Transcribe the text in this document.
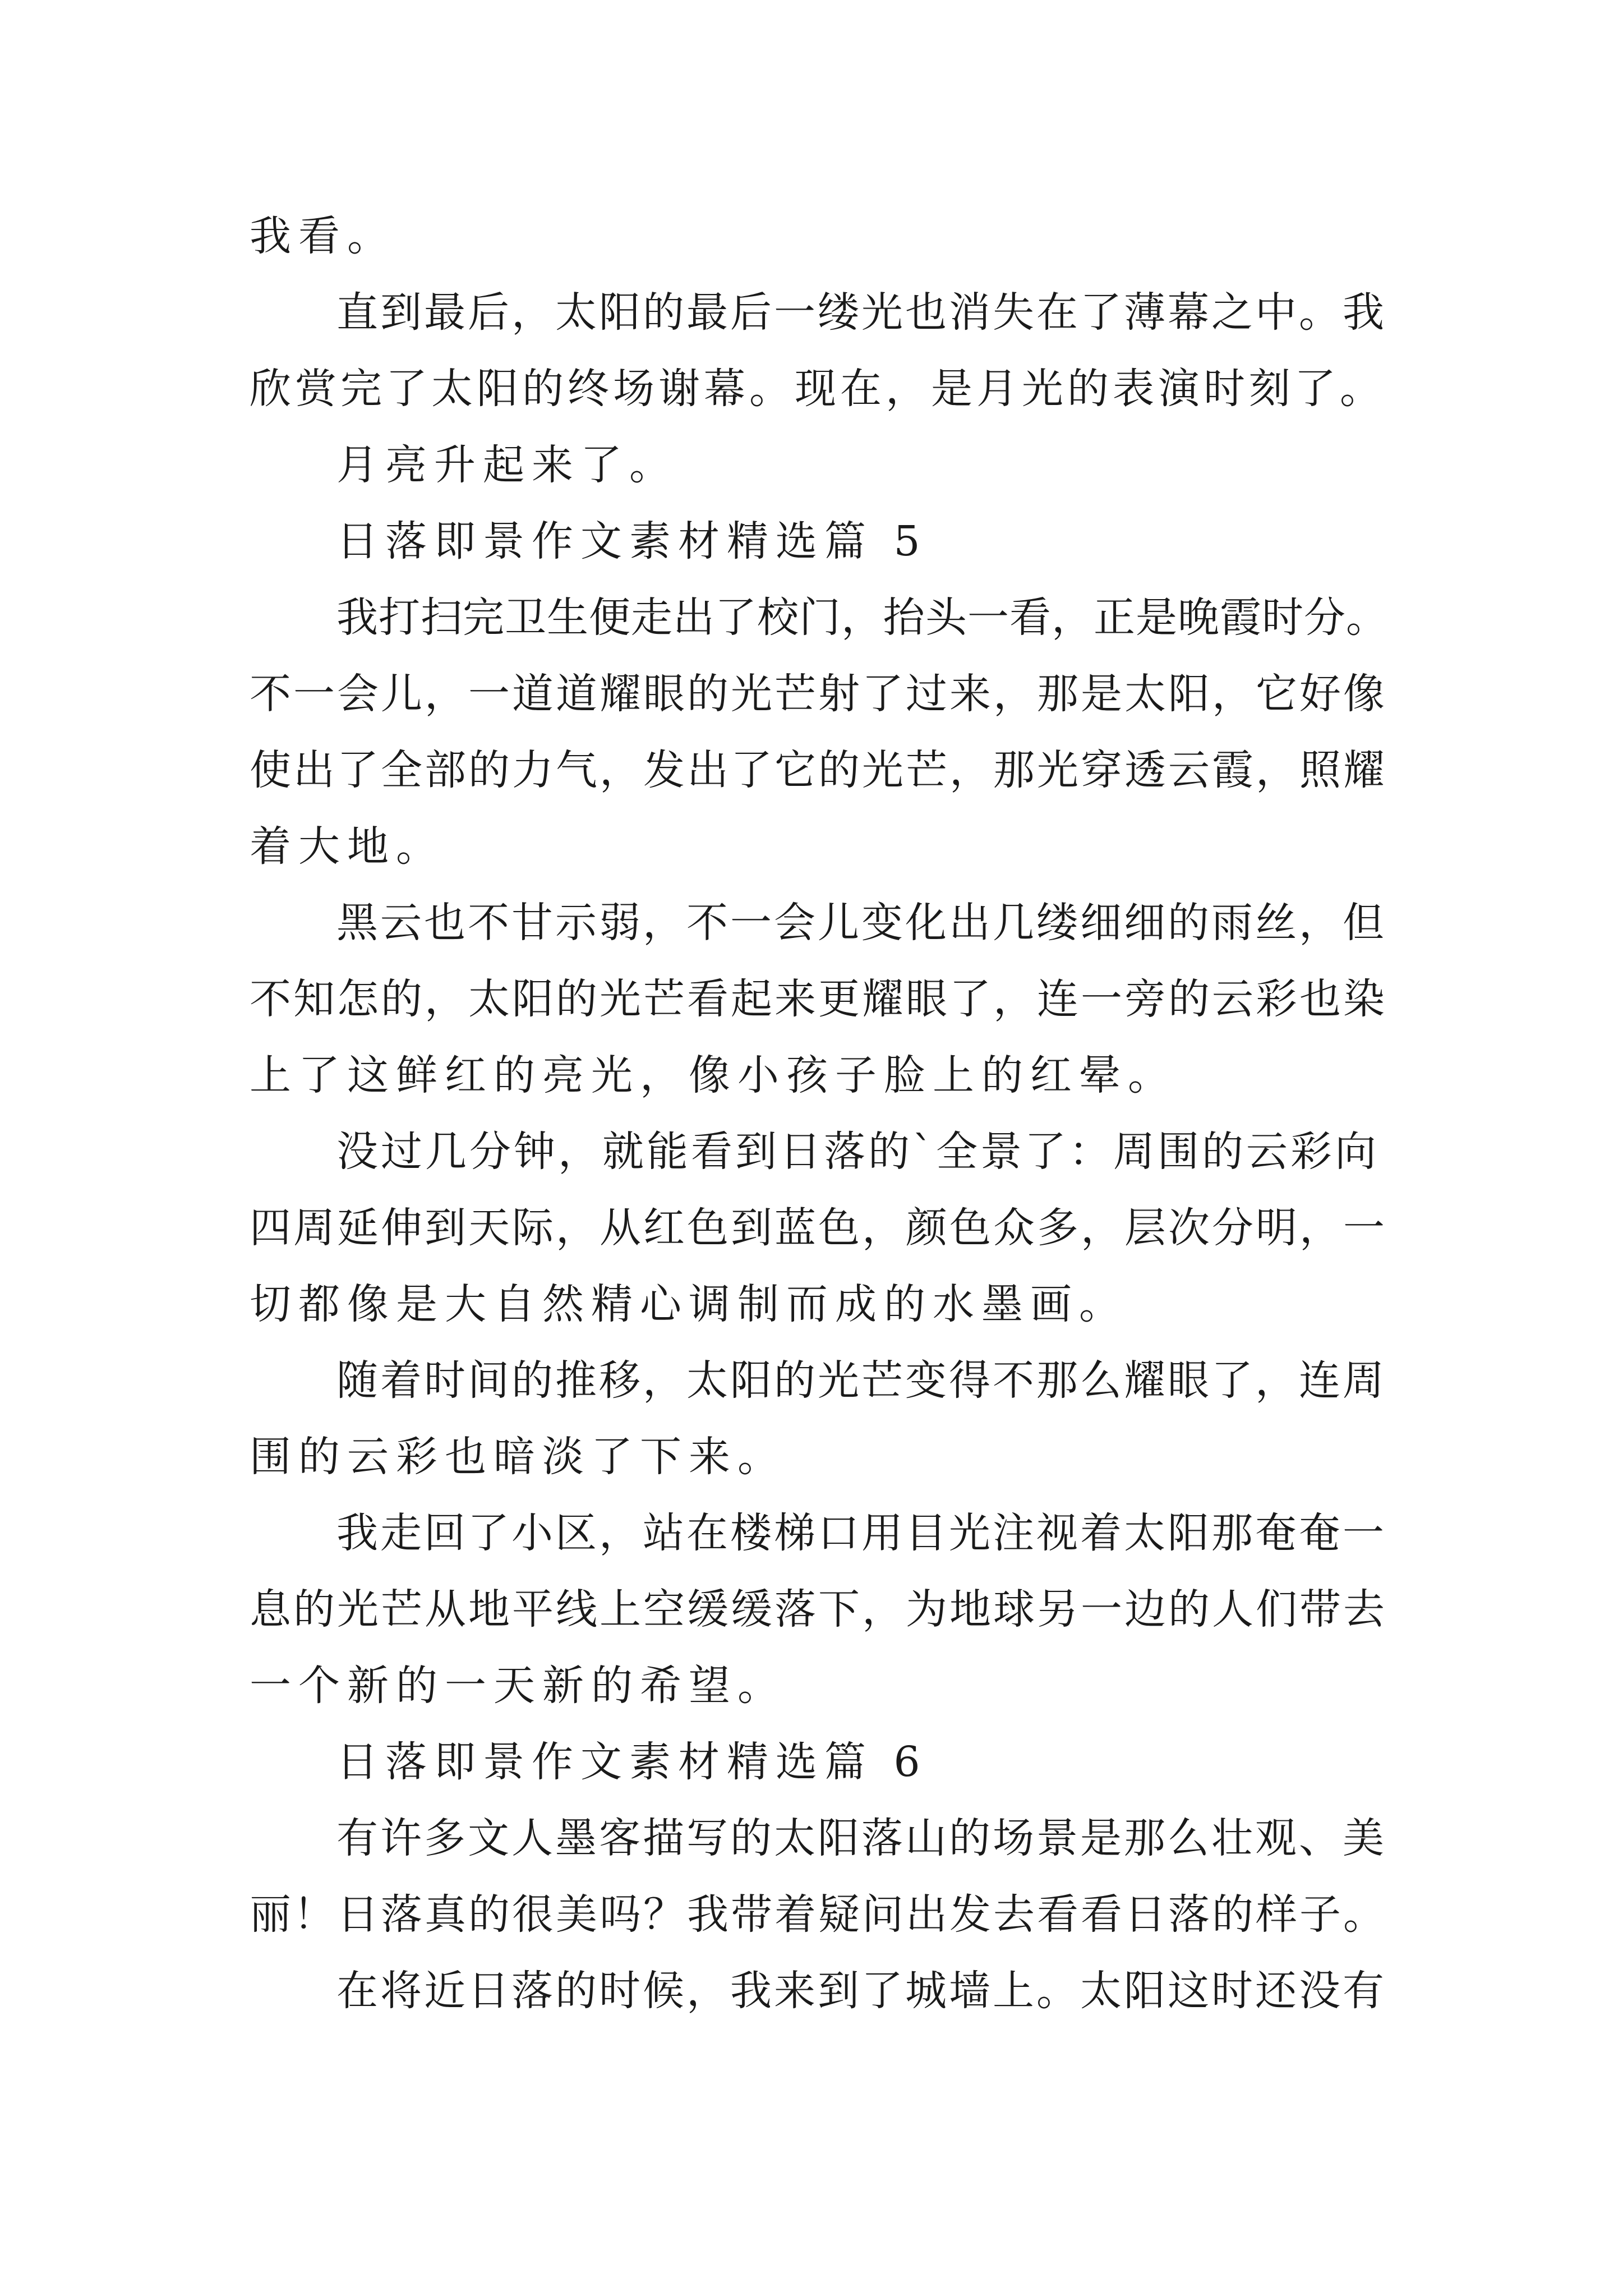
我看。
直到最后，太阳的最后一缕光也消失在了薄幕之中。我
欣赏完了太阳的终场谢幕。现在，是月光的表演时刻了。
月亮升起来了。
日落即景作文素材精选篇 5
我打扫完卫生便走出了校门，抬头一看，正是晚霞时分。
不一会儿，一道道耀眼的光芒射了过来，那是太阳，它好像
使出了全部的力气，发出了它的光芒，那光穿透云霞，照耀
着大地。
黑云也不甘示弱，不一会儿变化出几缕细细的雨丝，但
不知怎的，太阳的光芒看起来更耀眼了，连一旁的云彩也染
上了这鲜红的亮光，像小孩子脸上的红晕。
没过几分钟，就能看到日落的`全景了：周围的云彩向
四周延伸到天际，从红色到蓝色，颜色众多，层次分明，一
切都像是大自然精心调制而成的水墨画。
随着时间的推移，太阳的光芒变得不那么耀眼了，连周
围的云彩也暗淡了下来。
我走回了小区，站在楼梯口用目光注视着太阳那奄奄一
息的光芒从地平线上空缓缓落下，为地球另一边的人们带去
一个新的一天新的希望。
日落即景作文素材精选篇 6
有许多文人墨客描写的太阳落山的场景是那么壮观、美
丽！日落真的很美吗？我带着疑问出发去看看日落的样子。
在将近日落的时候，我来到了城墙上。太阳这时还没有
